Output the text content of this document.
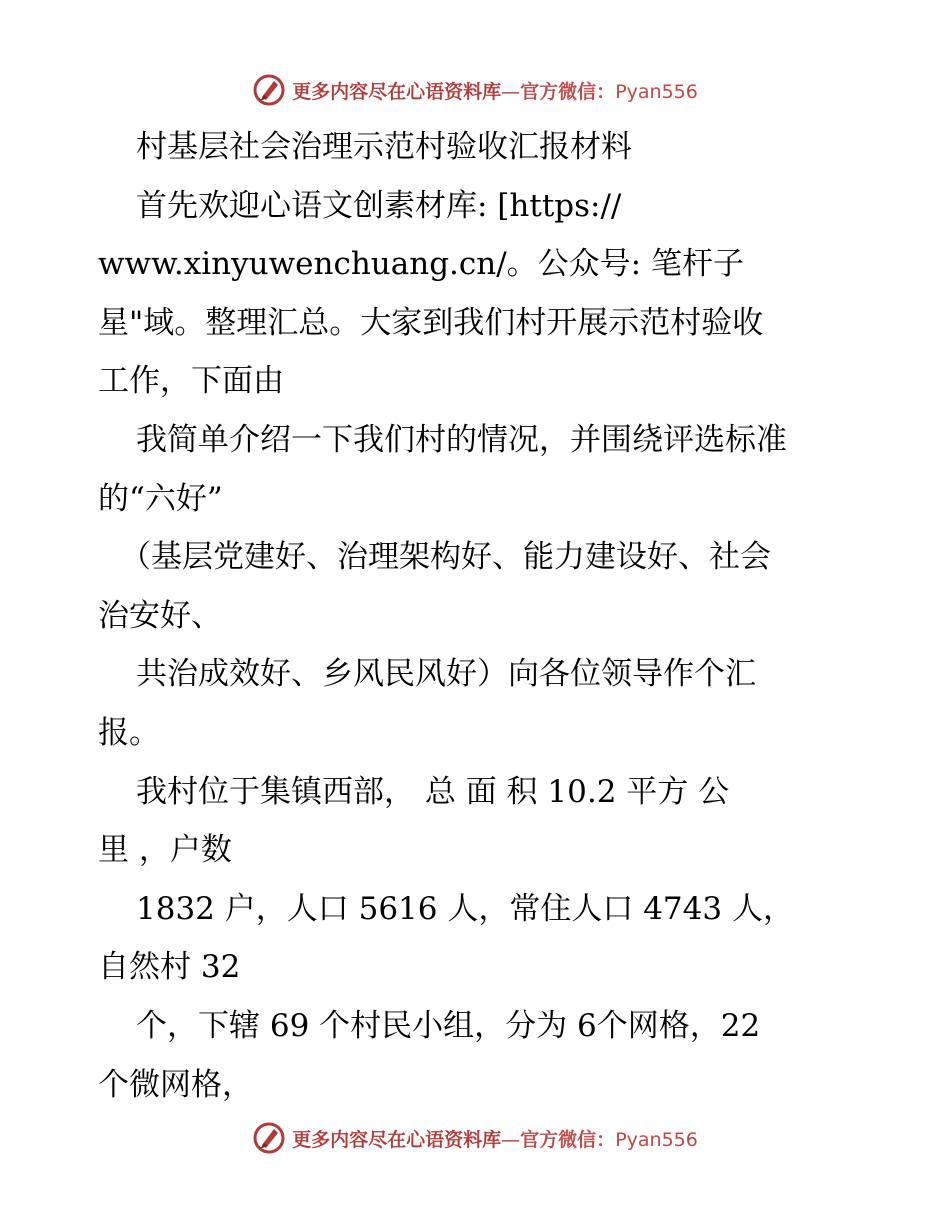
更多内容尽在心语资料库—官方微信：Pyan556
村基层社会治理示范村验收汇报材料
首先欢迎心语文创素材库: [https://
www.xinyuwenchuang.cn/。公众号: 笔杆子
星"域。整理汇总。大家到我们村开展示范村验收
工作，下面由
我简单介绍一下我们村的情况，并围绕评选标准
的“六好”
（基层党建好、治理架构好、能力建设好、社会
治安好、
共治成效好、乡风民风好）向各位领导作个汇
报。
我村位于集镇西部， 总 面 积 10.2 平方 公
里 ，户数
1832 户，人口 5616 人，常住人口 4743 人，
自然村 32
个，下辖 69 个村民小组，分为 6个网格，22
个微网格，
更多内容尽在心语资料库—官方微信：Pyan556
